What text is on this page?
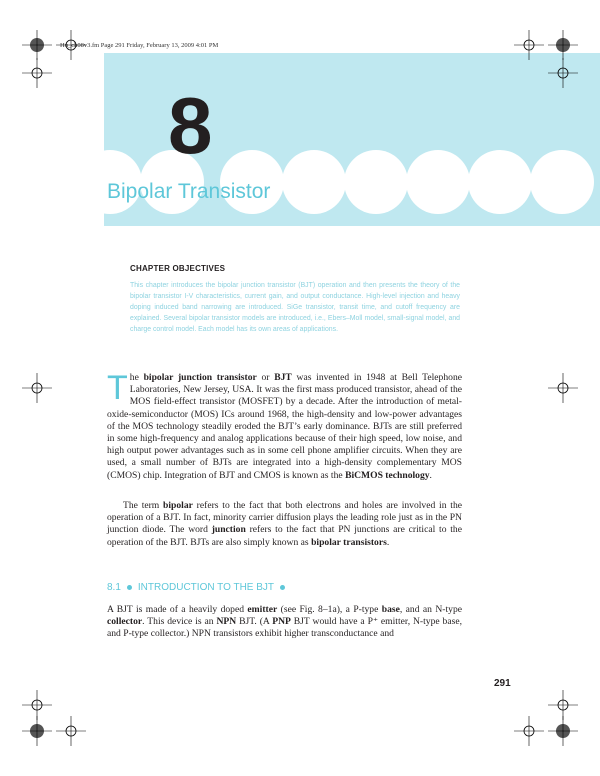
Hu_ch08v3.fm Page 291 Friday, February 13, 2009 4:01 PM
8
Bipolar Transistor
CHAPTER OBJECTIVES
This chapter introduces the bipolar junction transistor (BJT) operation and then presents the theory of the bipolar transistor I-V characteristics, current gain, and output conductance. High-level injection and heavy doping induced band narrowing are introduced. SiGe transistor, transit time, and cutoff frequency are explained. Several bipolar transistor models are introduced, i.e., Ebers–Moll model, small-signal model, and charge control model. Each model has its own areas of applications.
The bipolar junction transistor or BJT was invented in 1948 at Bell Telephone Laboratories, New Jersey, USA. It was the first mass produced transistor, ahead of the MOS field-effect transistor (MOSFET) by a decade. After the introduction of metal-oxide-semiconductor (MOS) ICs around 1968, the high-density and low-power advantages of the MOS technology steadily eroded the BJT’s early dominance. BJTs are still preferred in some high-frequency and analog applications because of their high speed, low noise, and high output power advantages such as in some cell phone amplifier circuits. When they are used, a small number of BJTs are integrated into a high-density complementary MOS (CMOS) chip. Integration of BJT and CMOS is known as the BiCMOS technology.
The term bipolar refers to the fact that both electrons and holes are involved in the operation of a BJT. In fact, minority carrier diffusion plays the leading role just as in the PN junction diode. The word junction refers to the fact that PN junctions are critical to the operation of the BJT. BJTs are also simply known as bipolar transistors.
8.1 INTRODUCTION TO THE BJT
A BJT is made of a heavily doped emitter (see Fig. 8–1a), a P-type base, and an N-type collector. This device is an NPN BJT. (A PNP BJT would have a P⁺ emitter, N-type base, and P-type collector.) NPN transistors exhibit higher transconductance and
291
